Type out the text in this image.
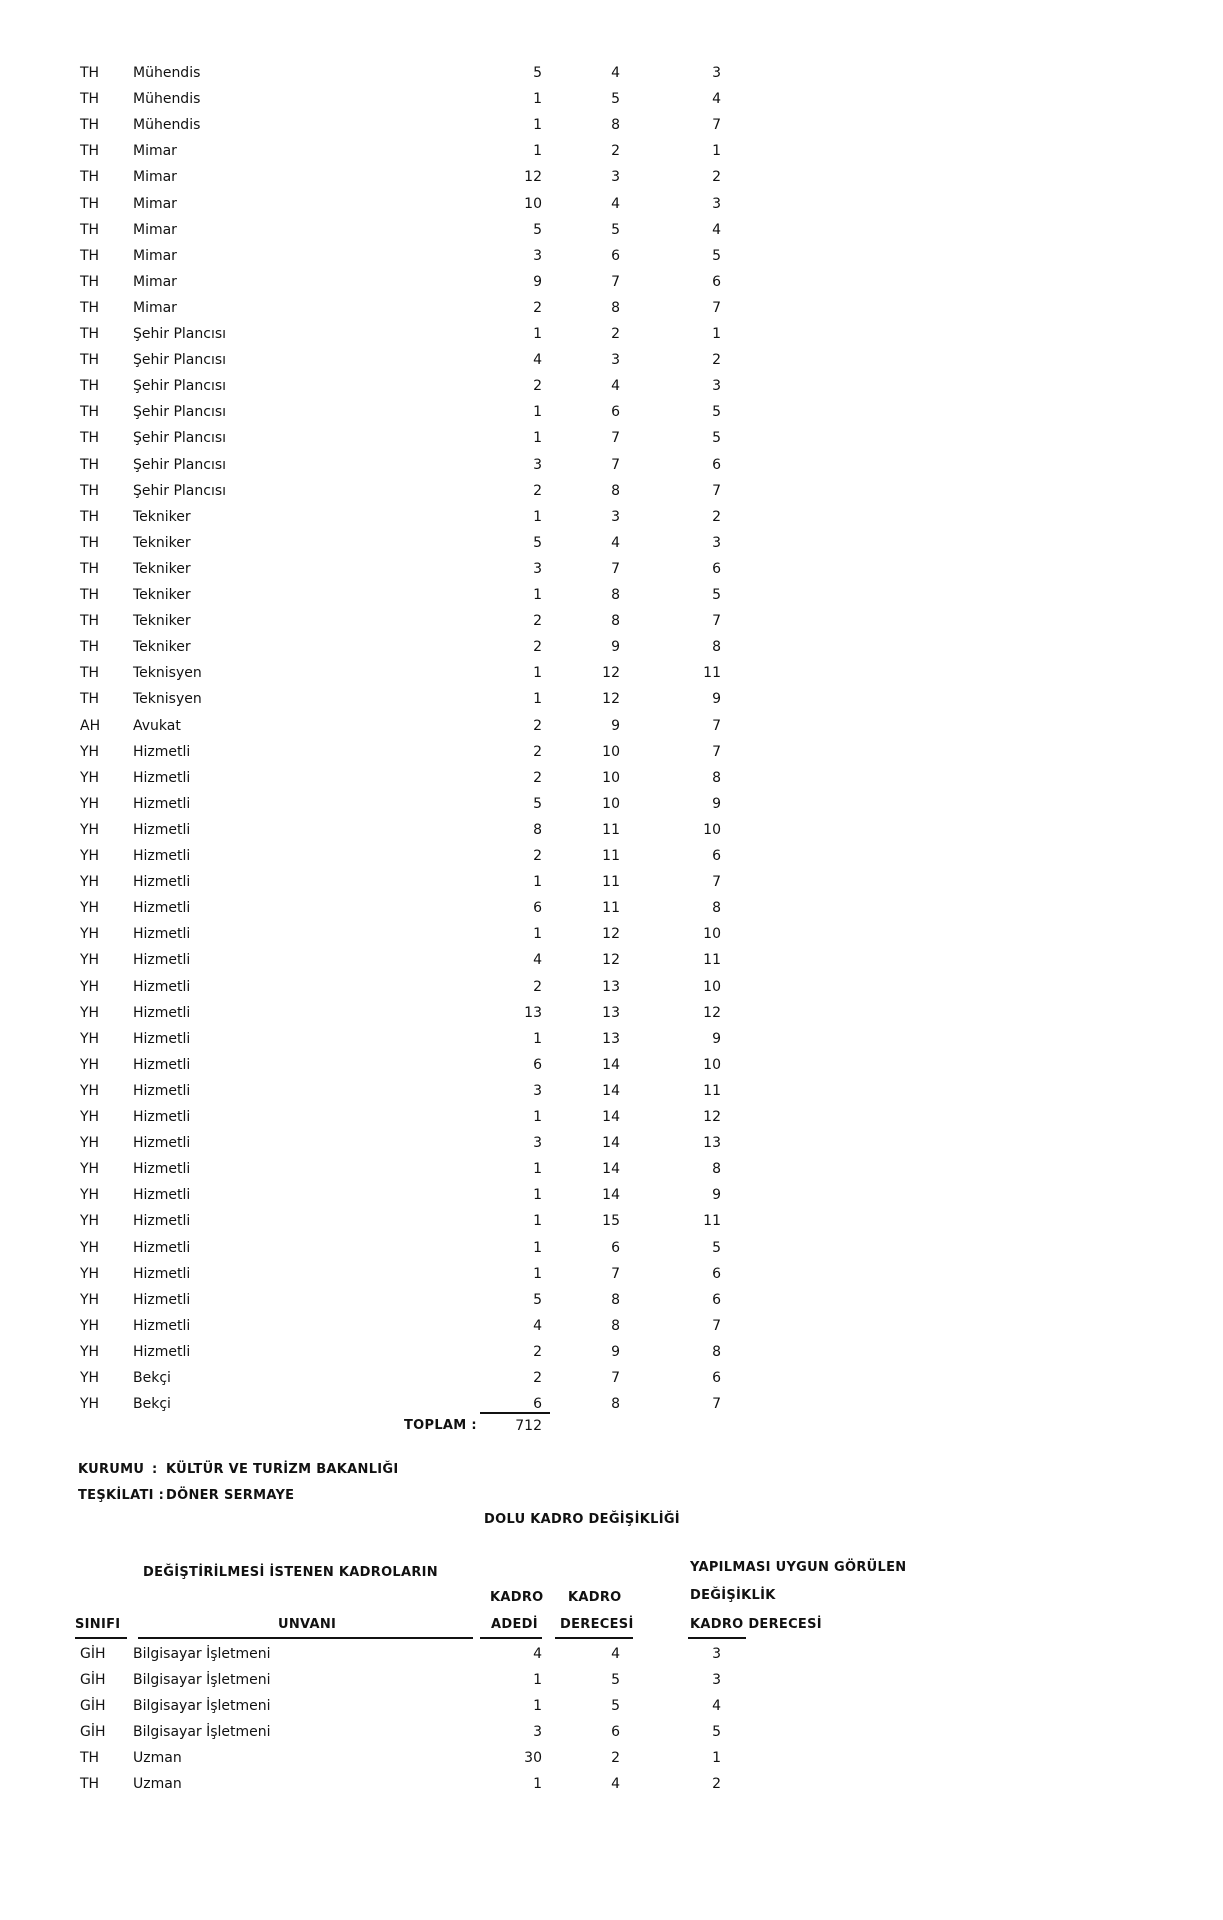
TH Mühendis	5	4	3
TH Mühendis	1	5	4
TH Mühendis	1	8	7
TH Mimar	1	2	1
TH Mimar	12	3	2
TH Mimar	10	4	3
TH Mimar	5	5	4
TH Mimar	3	6	5
TH Mimar	9	7	6
TH Mimar	2	8	7
TH Şehir Plancısı	1	2	1
TH Şehir Plancısı	4	3	2
TH Şehir Plancısı	2	4	3
TH Şehir Plancısı	1	6	5
TH Şehir Plancısı	1	7	5
TH Şehir Plancısı	3	7	6
TH Şehir Plancısı	2	8	7
TH Tekniker	1	3	2
TH Tekniker	5	4	3
TH Tekniker	3	7	6
TH Tekniker	1	8	5
TH Tekniker	2	8	7
TH Tekniker	2	9	8
TH Teknisyen	1	12	11
TH Teknisyen	1	12	9
AH Avukat	2	9	7
YH Hizmetli	2	10	7
YH Hizmetli	2	10	8
YH Hizmetli	5	10	9
YH Hizmetli	8	11	10
YH Hizmetli	2	11	6
YH Hizmetli	1	11	7
YH Hizmetli	6	11	8
YH Hizmetli	1	12	10
YH Hizmetli	4	12	11
YH Hizmetli	2	13	10
YH Hizmetli	13	13	12
YH Hizmetli	1	13	9
YH Hizmetli	6	14	10
YH Hizmetli	3	14	11
YH Hizmetli	1	14	12
YH Hizmetli	3	14	13
YH Hizmetli	1	14	8
YH Hizmetli	1	14	9
YH Hizmetli	1	15	11
YH Hizmetli	1	6	5
YH Hizmetli	1	7	6
YH Hizmetli	5	8	6
YH Hizmetli	4	8	7
YH Hizmetli	2	9	8
YH Bekçi	2	7	6
YH Bekçi	6	8	7
TOPLAM :	712
KURUMU : KÜLTÜR VE TURİZM BAKANLIĞI
TEŞKİLATI : DÖNER SERMAYE
DOLU KADRO DEĞİŞİKLİĞİ
DEĞİŞTİRİLMESİ İSTENEN KADROLARIN	YAPILMASI UYGUN GÖRÜLEN
DEĞİŞİKLİK
KADRO KADRO
SINIFI	UNVANI	ADEDİ DERECESİ	KADRO DERECESİ
GİH Bilgisayar İşletmeni	4	4	3
GİH Bilgisayar İşletmeni	1	5	3
GİH Bilgisayar İşletmeni	1	5	4
GİH Bilgisayar İşletmeni	3	6	5
TH Uzman	30	2	1
TH Uzman	1	4	2
